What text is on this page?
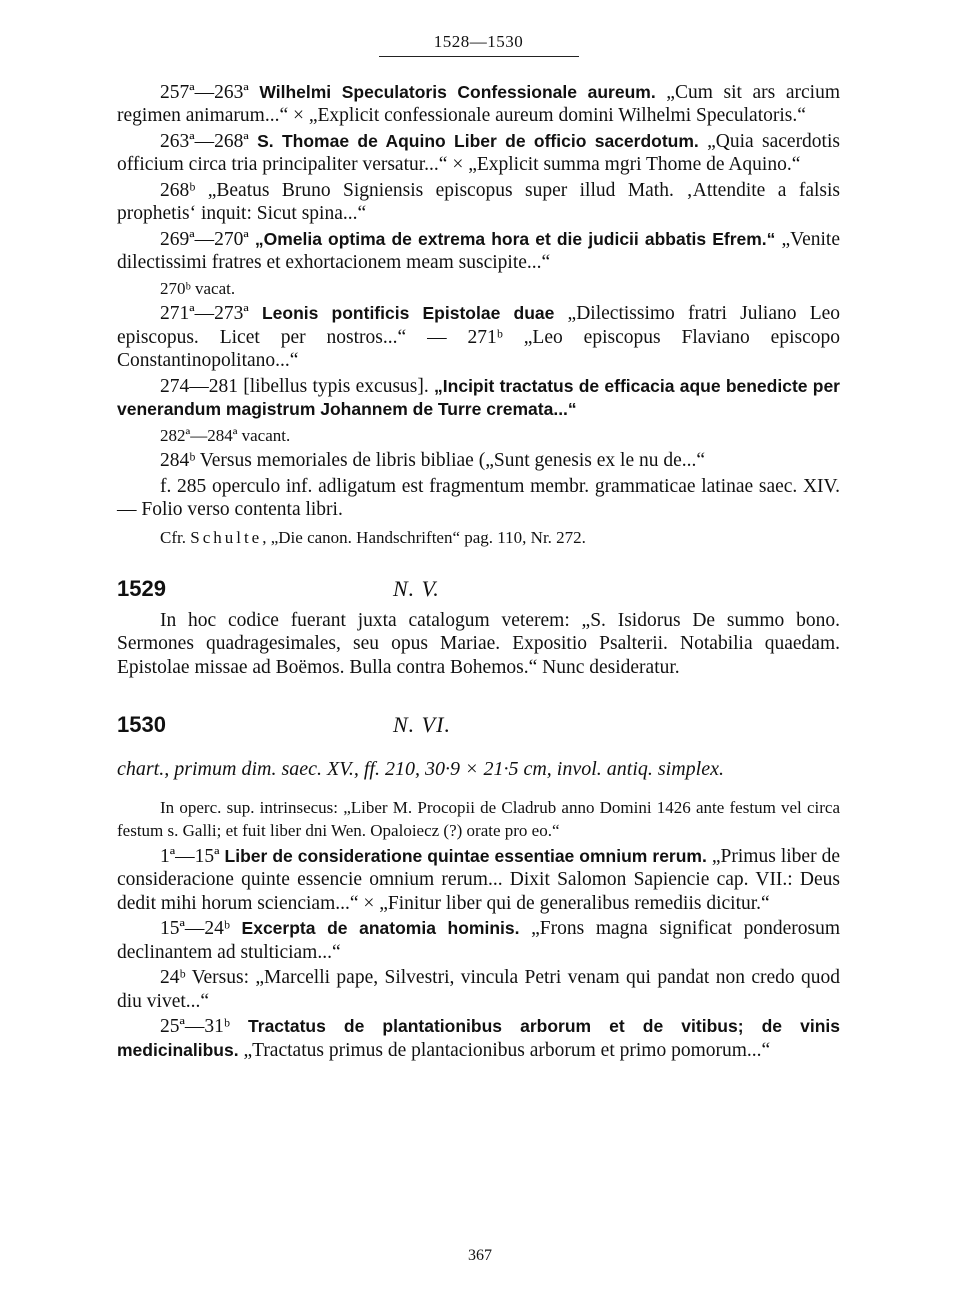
1528—1530

257ª—263ª Wilhelmi Speculatoris Confessionale aureum. „Cum sit ars arcium regimen animarum...“ × „Explicit confessionale aureum domini Wilhelmi Speculatoris.“

263ª—268ª S. Thomae de Aquino Liber de officio sacerdotum. „Quia sacerdotis officium circa tria principaliter versatur...“ × „Explicit summa mgri Thome de Aquino.“

268ᵇ „Beatus Bruno Signiensis episcopus super illud Math. ‚Attendite a falsis prophetis‘ inquit: Sicut spina...“

269ª—270ª „Omelia optima de extrema hora et die judicii abbatis Efrem.“ „Venite dilectissimi fratres et exhortacionem meam suscipite...“

270ᵇ vacat.

271ª—273ª Leonis pontificis Epistolae duae „Dilectissimo fratri Juliano Leo episcopus. Licet per nostros...“ — 271ᵇ „Leo episcopus Flaviano episcopo Constantinopolitano...“

274—281 [libellus typis excusus]. „Incipit tractatus de efficacia aque benedicte per venerandum magistrum Johannem de Turre cremata...“

282ª—284ª vacant.

284ᵇ Versus memoriales de libris bibliae („Sunt genesis ex le nu de...“

f. 285 operculo inf. adligatum est fragmentum membr. grammaticae latinae saec. XIV. — Folio verso contenta libri.

Cfr. Schulte, „Die canon. Handschriften“ pag. 110, Nr. 272.

1529	N. V.

In hoc codice fuerant juxta catalogum veterem: „S. Isidorus De summo bono. Sermones quadragesimales, seu opus Mariae. Expositio Psalterii. Notabilia quaedam. Epistolae missae ad Boëmos. Bulla contra Bohemos.“ Nunc desideratur.

1530	N. VI.

chart., primum dim. saec. XV., ff. 210, 30·9 × 21·5 cm, invol. antiq. simplex.

In operc. sup. intrinsecus: „Liber M. Procopii de Cladrub anno Domini 1426 ante festum vel circa festum s. Galli; et fuit liber dni Wen. Opaloiecz (?) orate pro eo.“

1ª—15ª Liber de consideratione quintae essentiae omnium rerum. „Primus liber de consideracione quinte essencie omnium rerum... Dixit Salomon Sapiencie cap. VII.: Deus dedit mihi horum scienciam...“ × „Finitur liber qui de generalibus remediis dicitur.“

15ª—24ᵇ Excerpta de anatomia hominis. „Frons magna significat ponderosum declinantem ad stulticiam...“

24ᵇ Versus: „Marcelli pape, Silvestri, vincula Petri venam qui pandat non credo quod diu vivet...“

25ª—31ᵇ Tractatus de plantationibus arborum et de vitibus; de vinis medicinalibus. „Tractatus primus de plantacionibus arborum et primo pomorum...“

367
